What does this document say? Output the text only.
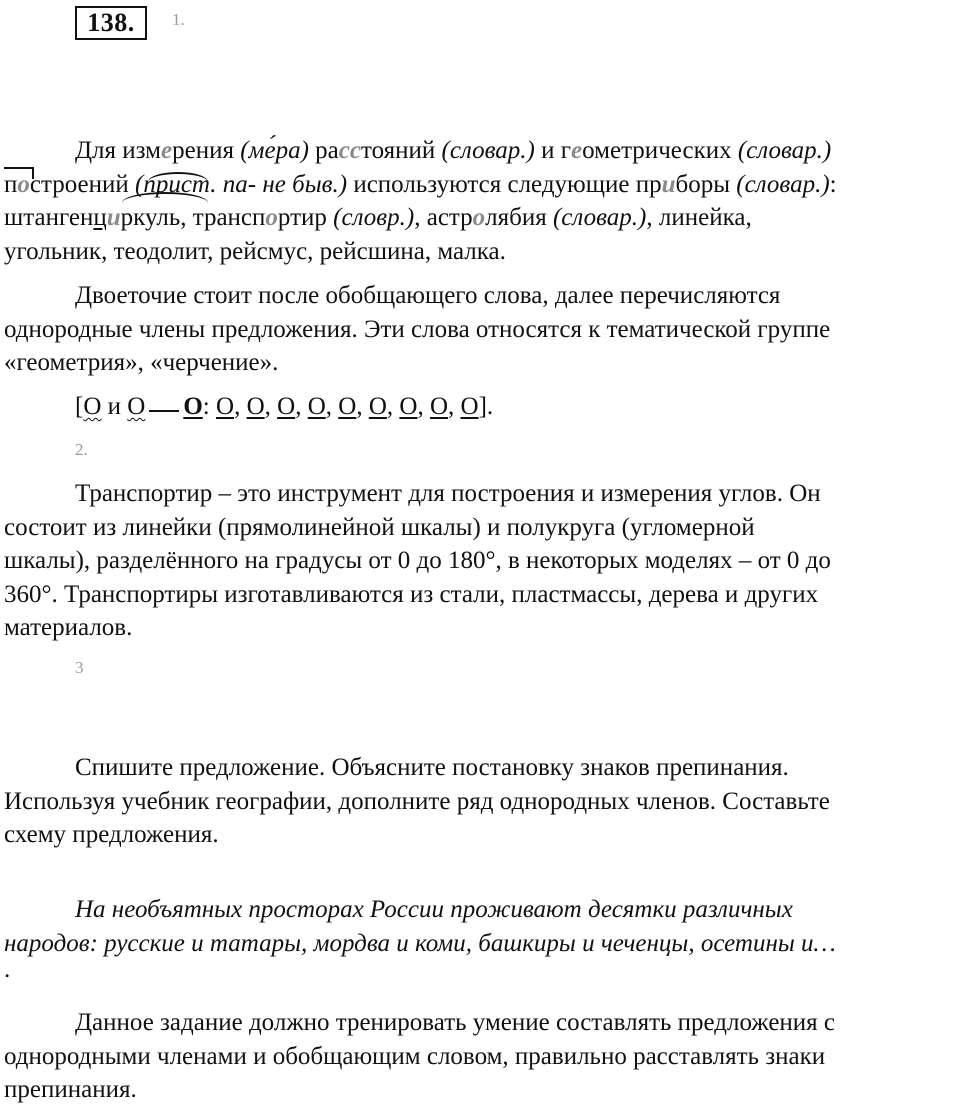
138.	1.
Для измерения (ме́ра) расстояний (словар.) и геометрических (словар.)
построений (прист. па- не быв.) используются следующие приборы (словар.):
штангенциркуль, транспортир (словр.), астролябия (словар.), линейка,
угольник, теодолит, рейсмус, рейсшина, малка.
Двоеточие стоит после обобщающего слова, далее перечисляются
однородные члены предложения. Эти слова относятся к тематической группе
«геометрия», «черчение».
[О и О О: О, О, О, О, О, О, О, О, О].
2.
Транспортир – это инструмент для построения и измерения углов. Он
состоит из линейки (прямолинейной шкалы) и полукруга (угломерной
шкалы), разделённого на градусы от 0 до 180°, в некоторых моделях – от 0 до
360°. Транспортиры изготавливаются из стали, пластмассы, дерева и других
материалов.
3
Спишите предложение. Объясните постановку знаков препинания.
Используя учебник географии, дополните ряд однородных членов. Составьте
схему предложения.
На необъятных просторах России проживают десятки различных
народов: русские и татары, мордва и коми, башкиры и чеченцы, осетины и…
.
Данное задание должно тренировать умение составлять предложения с
однородными членами и обобщающим словом, правильно расставлять знаки
препинания.
